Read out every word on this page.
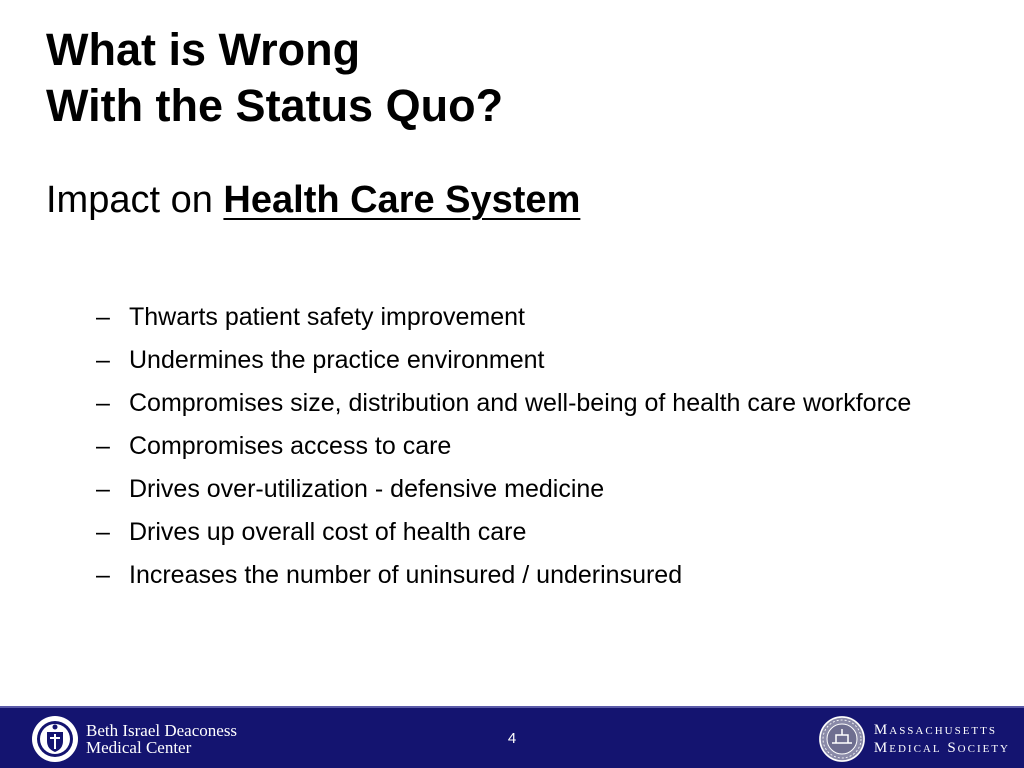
What is Wrong
With the Status Quo?
Impact on Health Care System
– Thwarts patient safety improvement
– Undermines the practice environment
– Compromises size, distribution and well-being of health care workforce
– Compromises access to care
– Drives over-utilization - defensive medicine
– Drives up overall cost of health care
– Increases the number of uninsured / underinsured
Beth Israel Deaconess
Medical Center	4	Massachusetts
Medical Society
